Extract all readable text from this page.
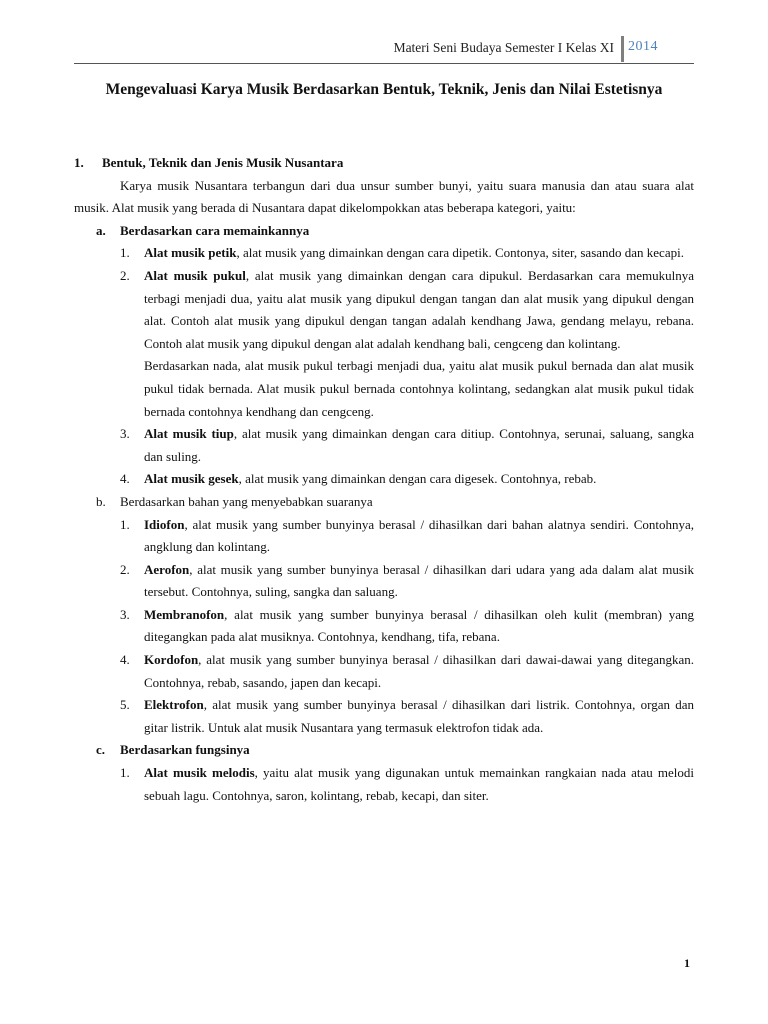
Materi Seni Budaya Semester I Kelas XI 2014
Mengevaluasi Karya Musik Berdasarkan Bentuk, Teknik, Jenis dan Nilai Estetisnya
1.	Bentuk, Teknik dan Jenis Musik Nusantara
Karya musik Nusantara terbangun dari dua unsur sumber bunyi, yaitu suara manusia dan atau suara alat musik. Alat musik yang berada di Nusantara dapat dikelompokkan atas beberapa kategori, yaitu:
a.	Berdasarkan cara memainkannya
1.	Alat musik petik, alat musik yang dimainkan dengan cara dipetik. Contonya, siter, sasando dan kecapi.
2.	Alat musik pukul, alat musik yang dimainkan dengan cara dipukul. Berdasarkan cara memukulnya terbagi menjadi dua, yaitu alat musik yang dipukul dengan tangan dan alat musik yang dipukul dengan alat. Contoh alat musik yang dipukul dengan tangan adalah kendhang Jawa, gendang melayu, rebana. Contoh alat musik yang dipukul dengan alat adalah kendhang bali, cengceng dan kolintang.
Berdasarkan nada, alat musik pukul terbagi menjadi dua, yaitu alat musik pukul bernada dan alat musik pukul tidak bernada. Alat musik pukul bernada contohnya kolintang, sedangkan alat musik pukul tidak bernada contohnya kendhang dan cengceng.
3.	Alat musik tiup, alat musik yang dimainkan dengan cara ditiup. Contohnya, serunai, saluang, sangka dan suling.
4.	Alat musik gesek, alat musik yang dimainkan dengan cara digesek. Contohnya, rebab.
b.	Berdasarkan bahan yang menyebabkan suaranya
1.	Idiofon, alat musik yang sumber bunyinya berasal / dihasilkan dari bahan alatnya sendiri. Contohnya, angklung dan kolintang.
2.	Aerofon, alat musik yang sumber bunyinya berasal / dihasilkan dari udara yang ada dalam alat musik tersebut. Contohnya, suling, sangka dan saluang.
3.	Membranofon, alat musik yang sumber bunyinya berasal / dihasilkan oleh kulit (membran) yang ditegangkan pada alat musiknya. Contohnya, kendhang, tifa, rebana.
4.	Kordofon, alat musik yang sumber bunyinya berasal / dihasilkan dari dawai-dawai yang ditegangkan. Contohnya, rebab, sasando, japen dan kecapi.
5.	Elektrofon, alat musik yang sumber bunyinya berasal / dihasilkan dari listrik. Contohnya, organ dan gitar listrik. Untuk alat musik Nusantara yang termasuk elektrofon tidak ada.
c.	Berdasarkan fungsinya
1.	Alat musik melodis, yaitu alat musik yang digunakan untuk memainkan rangkaian nada atau melodi sebuah lagu. Contohnya, saron, kolintang, rebab, kecapi, dan siter.
1
